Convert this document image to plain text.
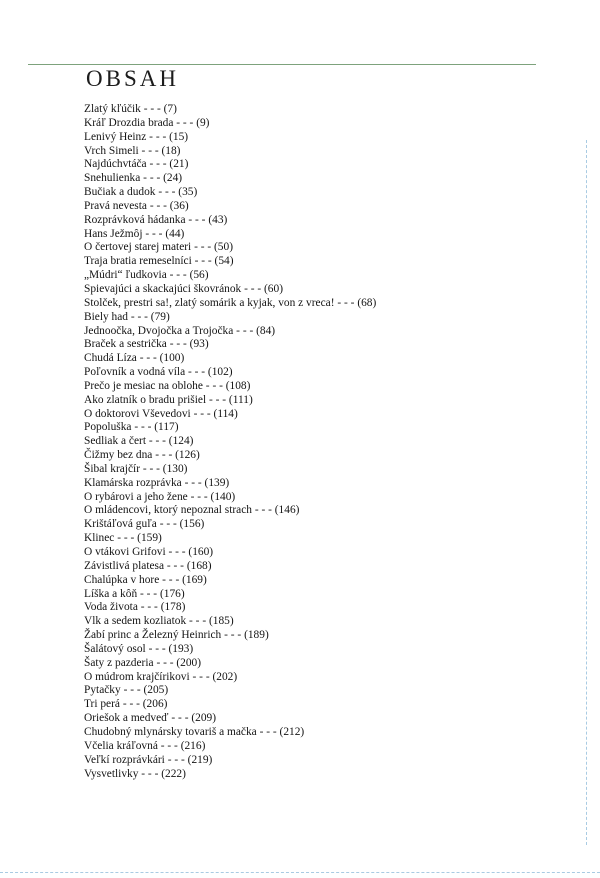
OBSAH
Zlatý kľúčik - - - (7)
Kráľ Drozdia brada - - - (9)
Lenivý Heinz - - - (15)
Vrch Simeli - - - (18)
Najdúchvtáča - - - (21)
Snehulienka - - - (24)
Bučiak a dudok - - - (35)
Pravá nevesta - - - (36)
Rozprávková hádanka - - - (43)
Hans Ježmôj - - - (44)
O čertovej starej materi - - - (50)
Traja bratia remeselníci - - - (54)
„Múdri“ ľudkovia - - - (56)
Spievajúci a skackajúci škovránok - - - (60)
Stolček, prestri sa!, zlatý somárik a kyjak, von z vreca! - - - (68)
Biely had - - - (79)
Jednoočka, Dvojočka a Trojočka - - - (84)
Braček a sestrička - - - (93)
Chudá Líza - - - (100)
Poľovník a vodná víla - - - (102)
Prečo je mesiac na oblohe - - - (108)
Ako zlatník o bradu prišiel - - - (111)
O doktorovi Vševedovi - - - (114)
Popoluška - - - (117)
Sedliak a čert - - - (124)
Čižmy bez dna - - - (126)
Šibal krajčír - - - (130)
Klamárska rozprávka - - - (139)
O rybárovi a jeho žene - - - (140)
O mládencovi, ktorý nepoznal strach - - - (146)
Krištáľová guľa - - - (156)
Klinec - - - (159)
O vtákovi Grifovi - - - (160)
Závistlivá platesa - - - (168)
Chalúpka v hore - - - (169)
Líška a kôň - - - (176)
Voda života - - - (178)
Vlk a sedem kozliatok - - - (185)
Žabí princ a Železný Heinrich - - - (189)
Šalátový osol - - - (193)
Šaty z pazderia - - - (200)
O múdrom krajčírikovi - - - (202)
Pytačky - - - (205)
Tri perá - - - (206)
Oriešok a medveď - - - (209)
Chudobný mlynársky tovariš a mačka - - - (212)
Včelia kráľovná - - - (216)
Veľkí rozprávkári - - - (219)
Vysvetlivky - - - (222)
